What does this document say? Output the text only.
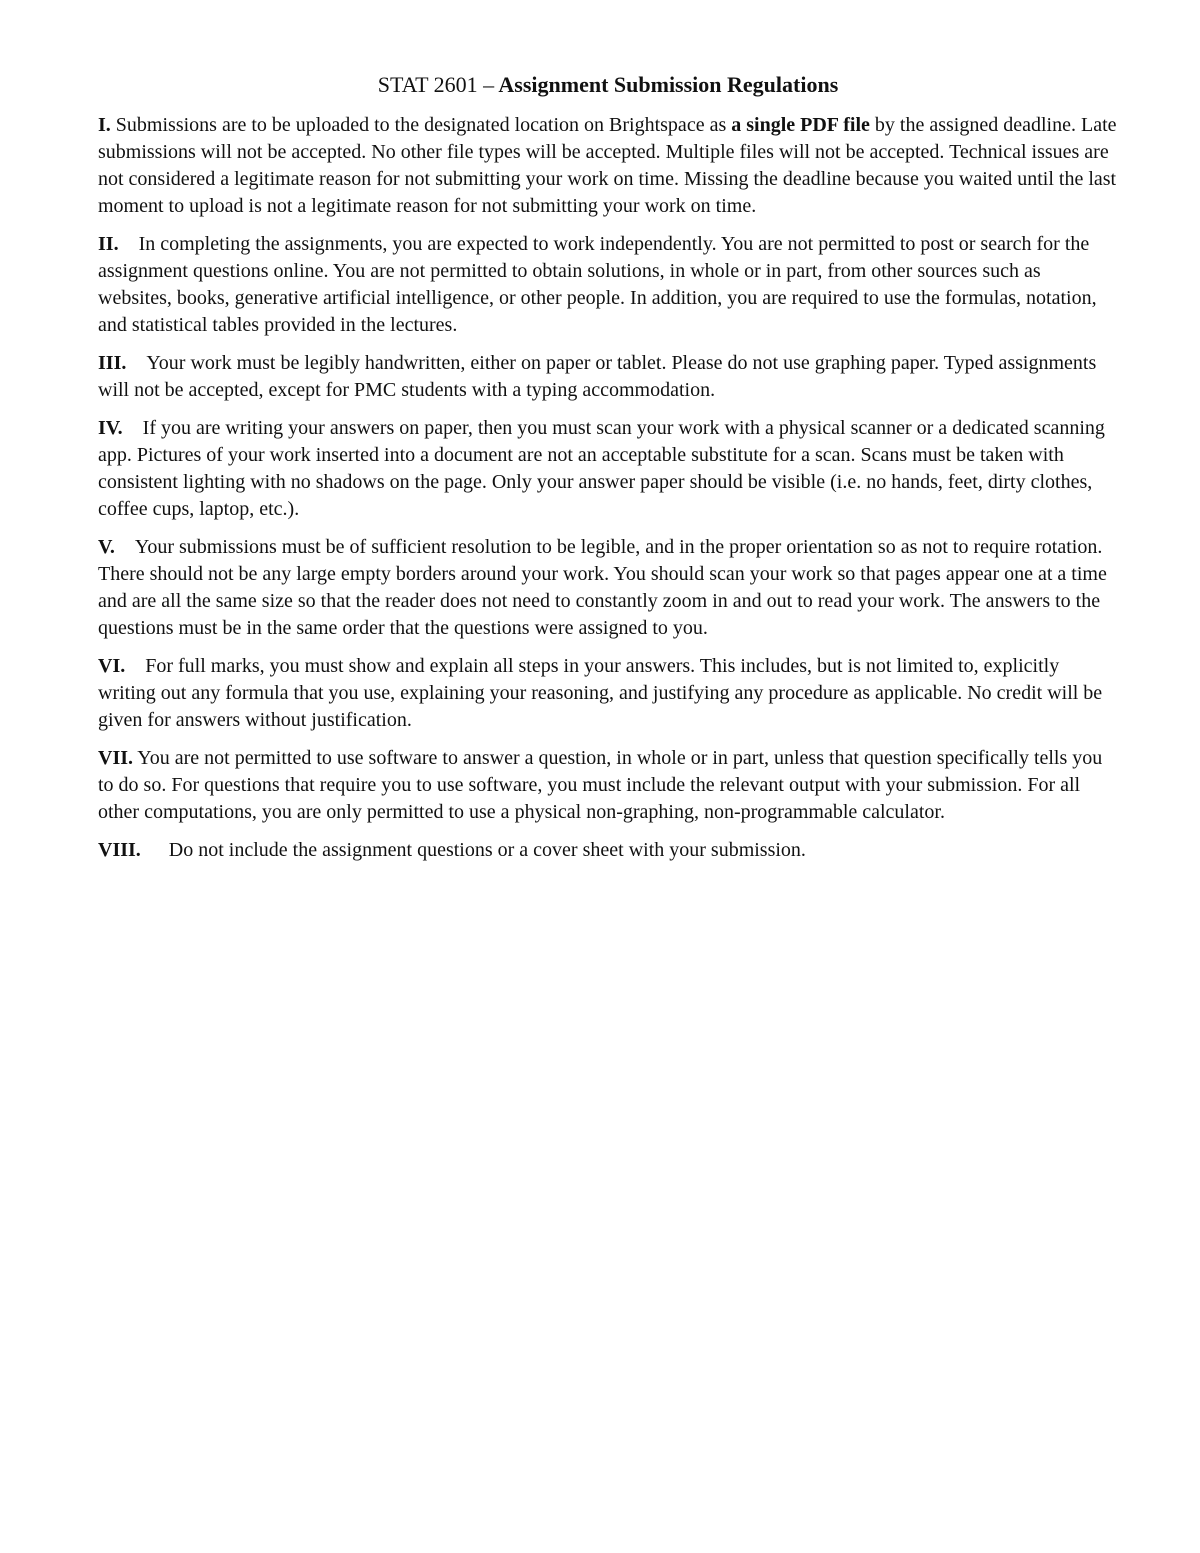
STAT 2601 – Assignment Submission Regulations
I. Submissions are to be uploaded to the designated location on Brightspace as a single PDF file by the assigned deadline. Late submissions will not be accepted. No other file types will be accepted. Multiple files will not be accepted. Technical issues are not considered a legitimate reason for not submitting your work on time. Missing the deadline because you waited until the last moment to upload is not a legitimate reason for not submitting your work on time.
II. In completing the assignments, you are expected to work independently. You are not permitted to post or search for the assignment questions online. You are not permitted to obtain solutions, in whole or in part, from other sources such as websites, books, generative artificial intelligence, or other people. In addition, you are required to use the formulas, notation, and statistical tables provided in the lectures.
III. Your work must be legibly handwritten, either on paper or tablet. Please do not use graphing paper. Typed assignments will not be accepted, except for PMC students with a typing accommodation.
IV. If you are writing your answers on paper, then you must scan your work with a physical scanner or a dedicated scanning app. Pictures of your work inserted into a document are not an acceptable substitute for a scan. Scans must be taken with consistent lighting with no shadows on the page. Only your answer paper should be visible (i.e. no hands, feet, dirty clothes, coffee cups, laptop, etc.).
V. Your submissions must be of sufficient resolution to be legible, and in the proper orientation so as not to require rotation. There should not be any large empty borders around your work. You should scan your work so that pages appear one at a time and are all the same size so that the reader does not need to constantly zoom in and out to read your work. The answers to the questions must be in the same order that the questions were assigned to you.
VI. For full marks, you must show and explain all steps in your answers. This includes, but is not limited to, explicitly writing out any formula that you use, explaining your reasoning, and justifying any procedure as applicable. No credit will be given for answers without justification.
VII. You are not permitted to use software to answer a question, in whole or in part, unless that question specifically tells you to do so. For questions that require you to use software, you must include the relevant output with your submission. For all other computations, you are only permitted to use a physical non-graphing, non-programmable calculator.
VIII. Do not include the assignment questions or a cover sheet with your submission.
